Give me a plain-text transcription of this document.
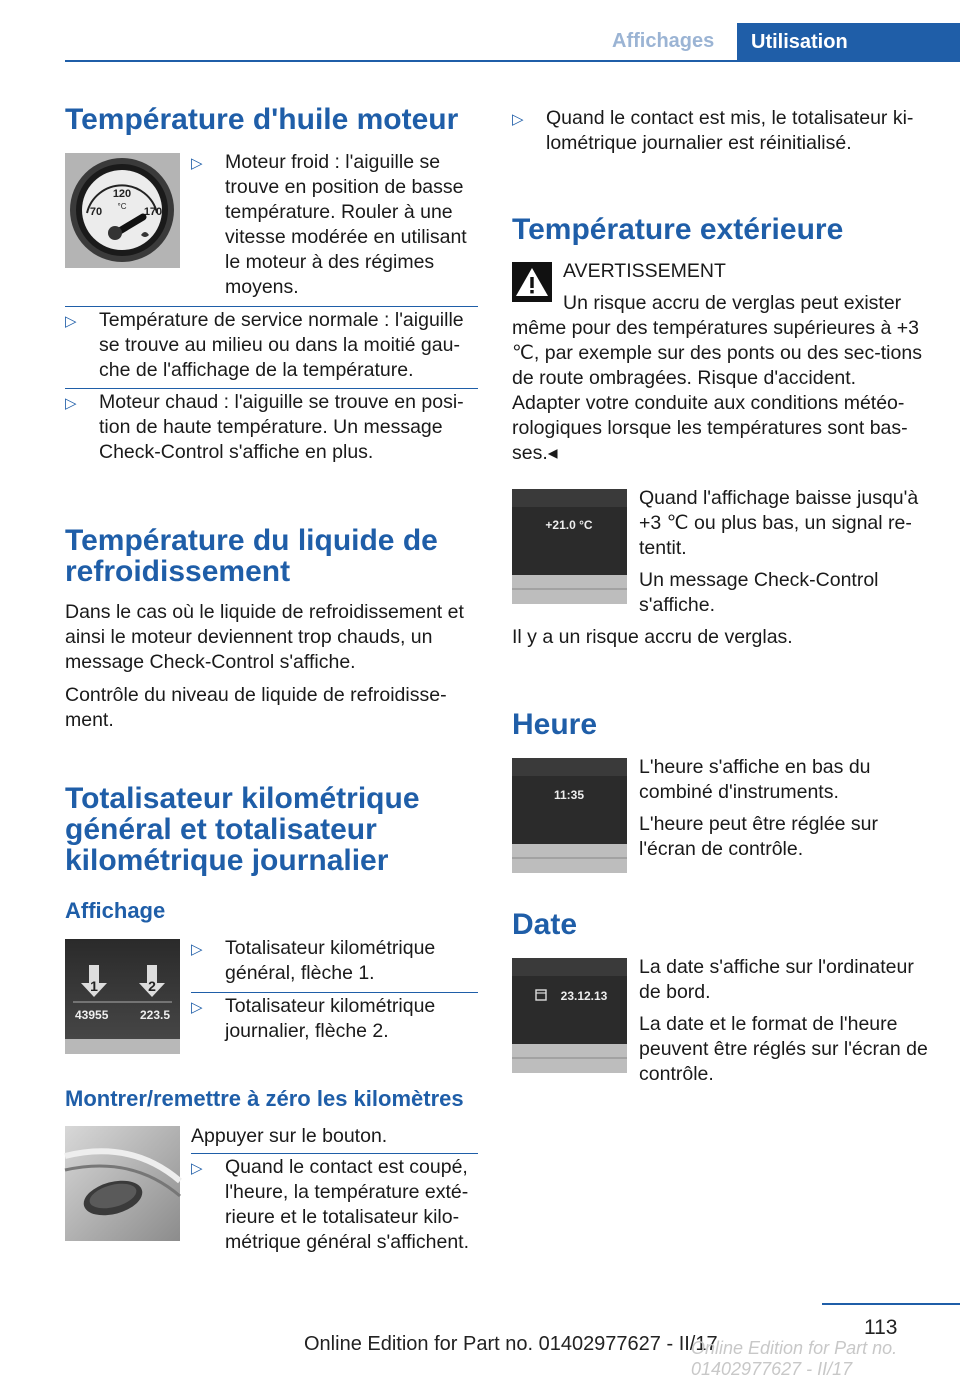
Affichages	Utilisation
Température d'huile moteur
120
°C
70	170
▷ Moteur froid : l'aiguille se trouve en position de basse température. Rouler à une vitesse modérée en utilisant le moteur à des régimes moyens.
▷ Température de service normale : l'aiguille se trouve au milieu ou dans la moitié gau-che de l'affichage de la température.
▷ Moteur chaud : l'aiguille se trouve en posi-tion de haute température. Un message Check-Control s'affiche en plus.
Température du liquide de refroidissement
Dans le cas où le liquide de refroidissement et ainsi le moteur deviennent trop chauds, un message Check-Control s'affiche.
Contrôle du niveau de liquide de refroidisse-ment.
Totalisateur kilométrique général et totalisateur kilométrique journalier
Affichage
1	2
43955	223.5
▷ Totalisateur kilométrique général, flèche 1.
▷ Totalisateur kilométrique journalier, flèche 2.
Montrer/remettre à zéro les kilomètres
Appuyer sur le bouton.
▷ Quand le contact est coupé, l'heure, la température exté-rieure et le totalisateur kilo-métrique général s'affichent.
▷ Quand le contact est mis, le totalisateur ki-lométrique journalier est réinitialisé.
Température extérieure
AVERTISSEMENT
Un risque accru de verglas peut exister même pour des températures supérieures à +3 ℃, par exemple sur des ponts ou des sec-tions de route ombragées. Risque d'accident. Adapter votre conduite aux conditions météo-rologiques lorsque les températures sont bas-ses.◂
+21.0 °C
Quand l'affichage baisse jusqu'à +3 ℃ ou plus bas, un signal re-tentit.
Un message Check-Control s'affiche.
Il y a un risque accru de verglas.
Heure
11:35
L'heure s'affiche en bas du combiné d'instruments.
L'heure peut être réglée sur l'écran de contrôle.
Date
23.12.13
La date s'affiche sur l'ordinateur de bord.
La date et le format de l'heure peuvent être réglés sur l'écran de contrôle.
113
Online Edition for Part no. 01402977627 - II/17
Online Edition for Part no. 01402977627 - II/17
